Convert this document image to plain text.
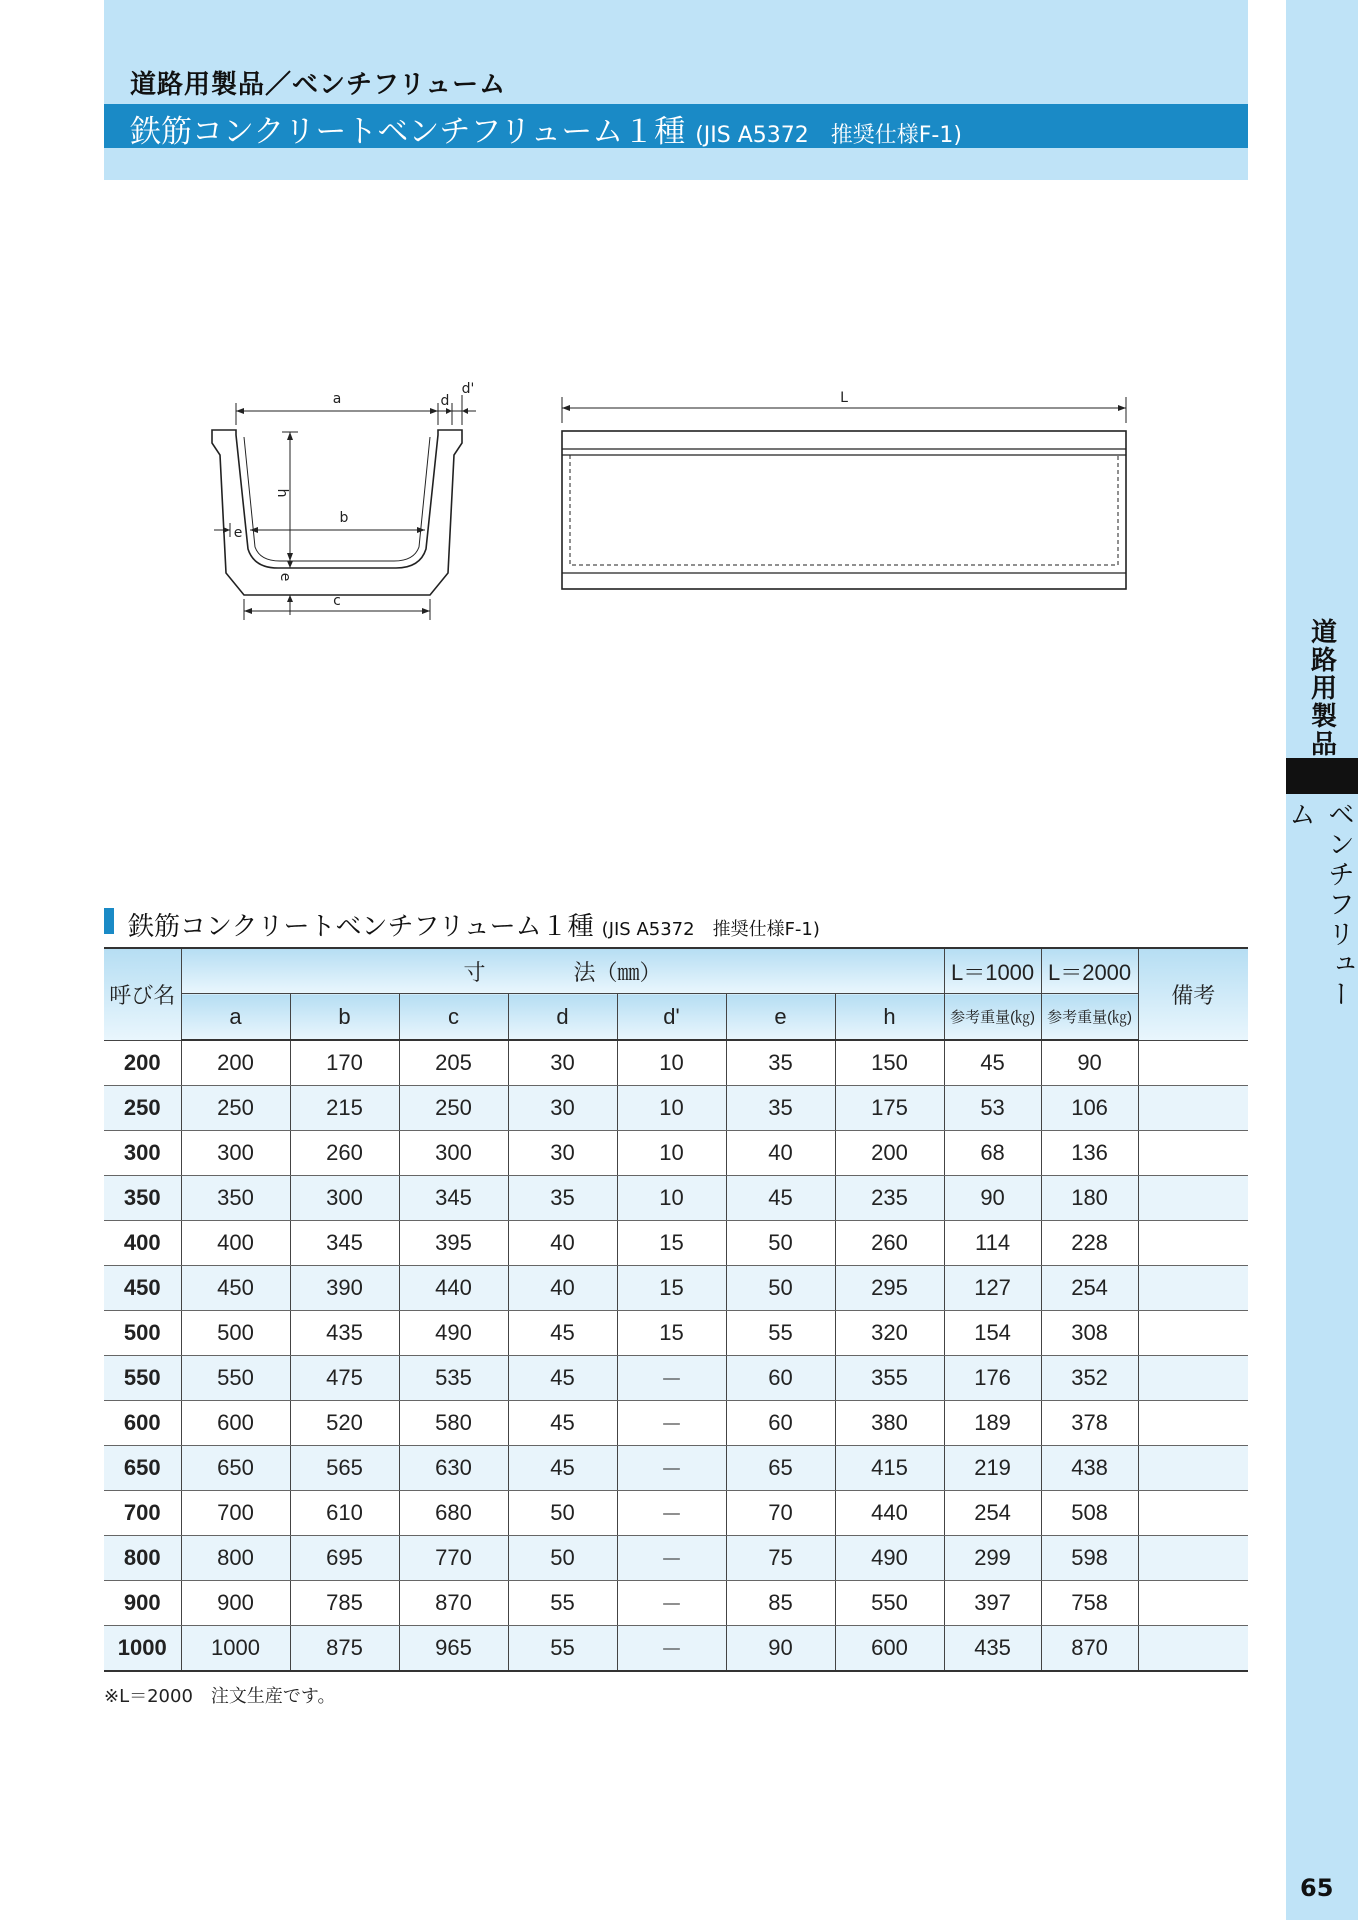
道路用製品／ベンチフリューム
鉄筋コンクリートベンチフリューム１種 (JIS A5372　推奨仕様F-1)
道路用製品
ベンチフリューム
a	d
d'
h
b
e
e
c
L
鉄筋コンクリートベンチフリューム１種 (JIS A5372　推奨仕様F-1)
呼び名	寸　　　　法（㎜）							L＝1000	L＝2000	備考
	a	b	c	d	d'	e	h	参考重量(㎏)	参考重量(㎏)	
200	200	170	205	30	10	35	150	45	90	
250	250	215	250	30	10	35	175	53	106	
300	300	260	300	30	10	40	200	68	136	
350	350	300	345	35	10	45	235	90	180	
400	400	345	395	40	15	50	260	114	228	
450	450	390	440	40	15	50	295	127	254	
500	500	435	490	45	15	55	320	154	308	
550	550	475	535	45	－	60	355	176	352	
600	600	520	580	45	－	60	380	189	378	
650	650	565	630	45	－	65	415	219	438	
700	700	610	680	50	－	70	440	254	508	
800	800	695	770	50	－	75	490	299	598	
900	900	785	870	55	－	85	550	397	758	
1000	1000	875	965	55	－	90	600	435	870	
※L＝2000　注文生産です。
65
